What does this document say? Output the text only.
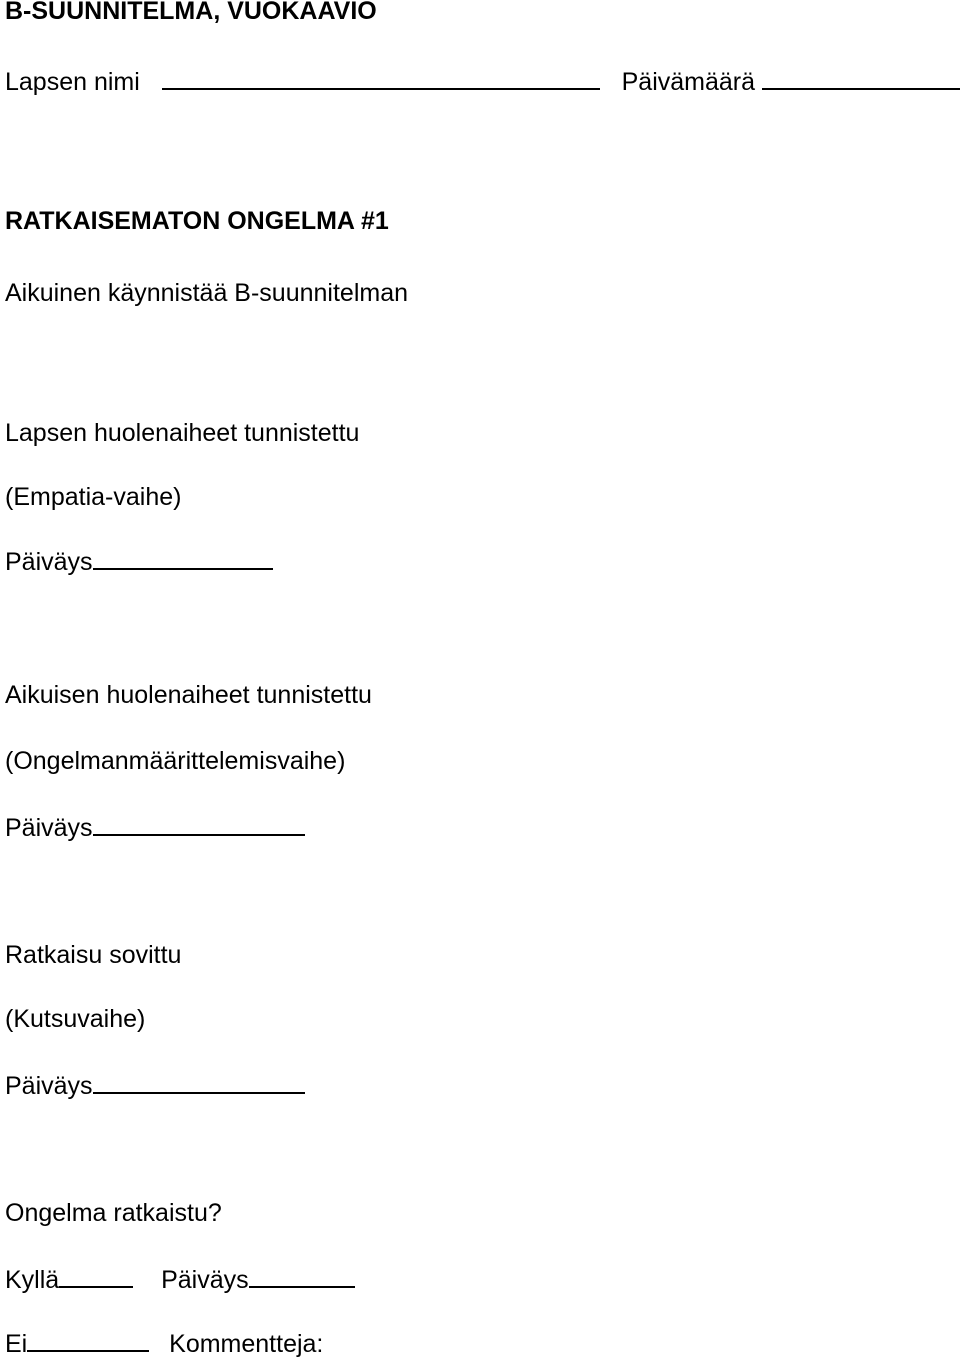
B-SUUNNITELMA, VUOKAAVIO
Lapsen nimi	Päivämäärä
RATKAISEMATON ONGELMA #1
Aikuinen käynnistää B-suunnitelman
Lapsen huolenaiheet tunnistettu
(Empatia-vaihe)
Päiväys
Aikuisen huolenaiheet tunnistettu
(Ongelmanmäärittelemisvaihe)
Päiväys
Ratkaisu sovittu
(Kutsuvaihe)
Päiväys
Ongelma ratkaistu?
Kyllä	Päiväys
Ei	Kommentteja:
